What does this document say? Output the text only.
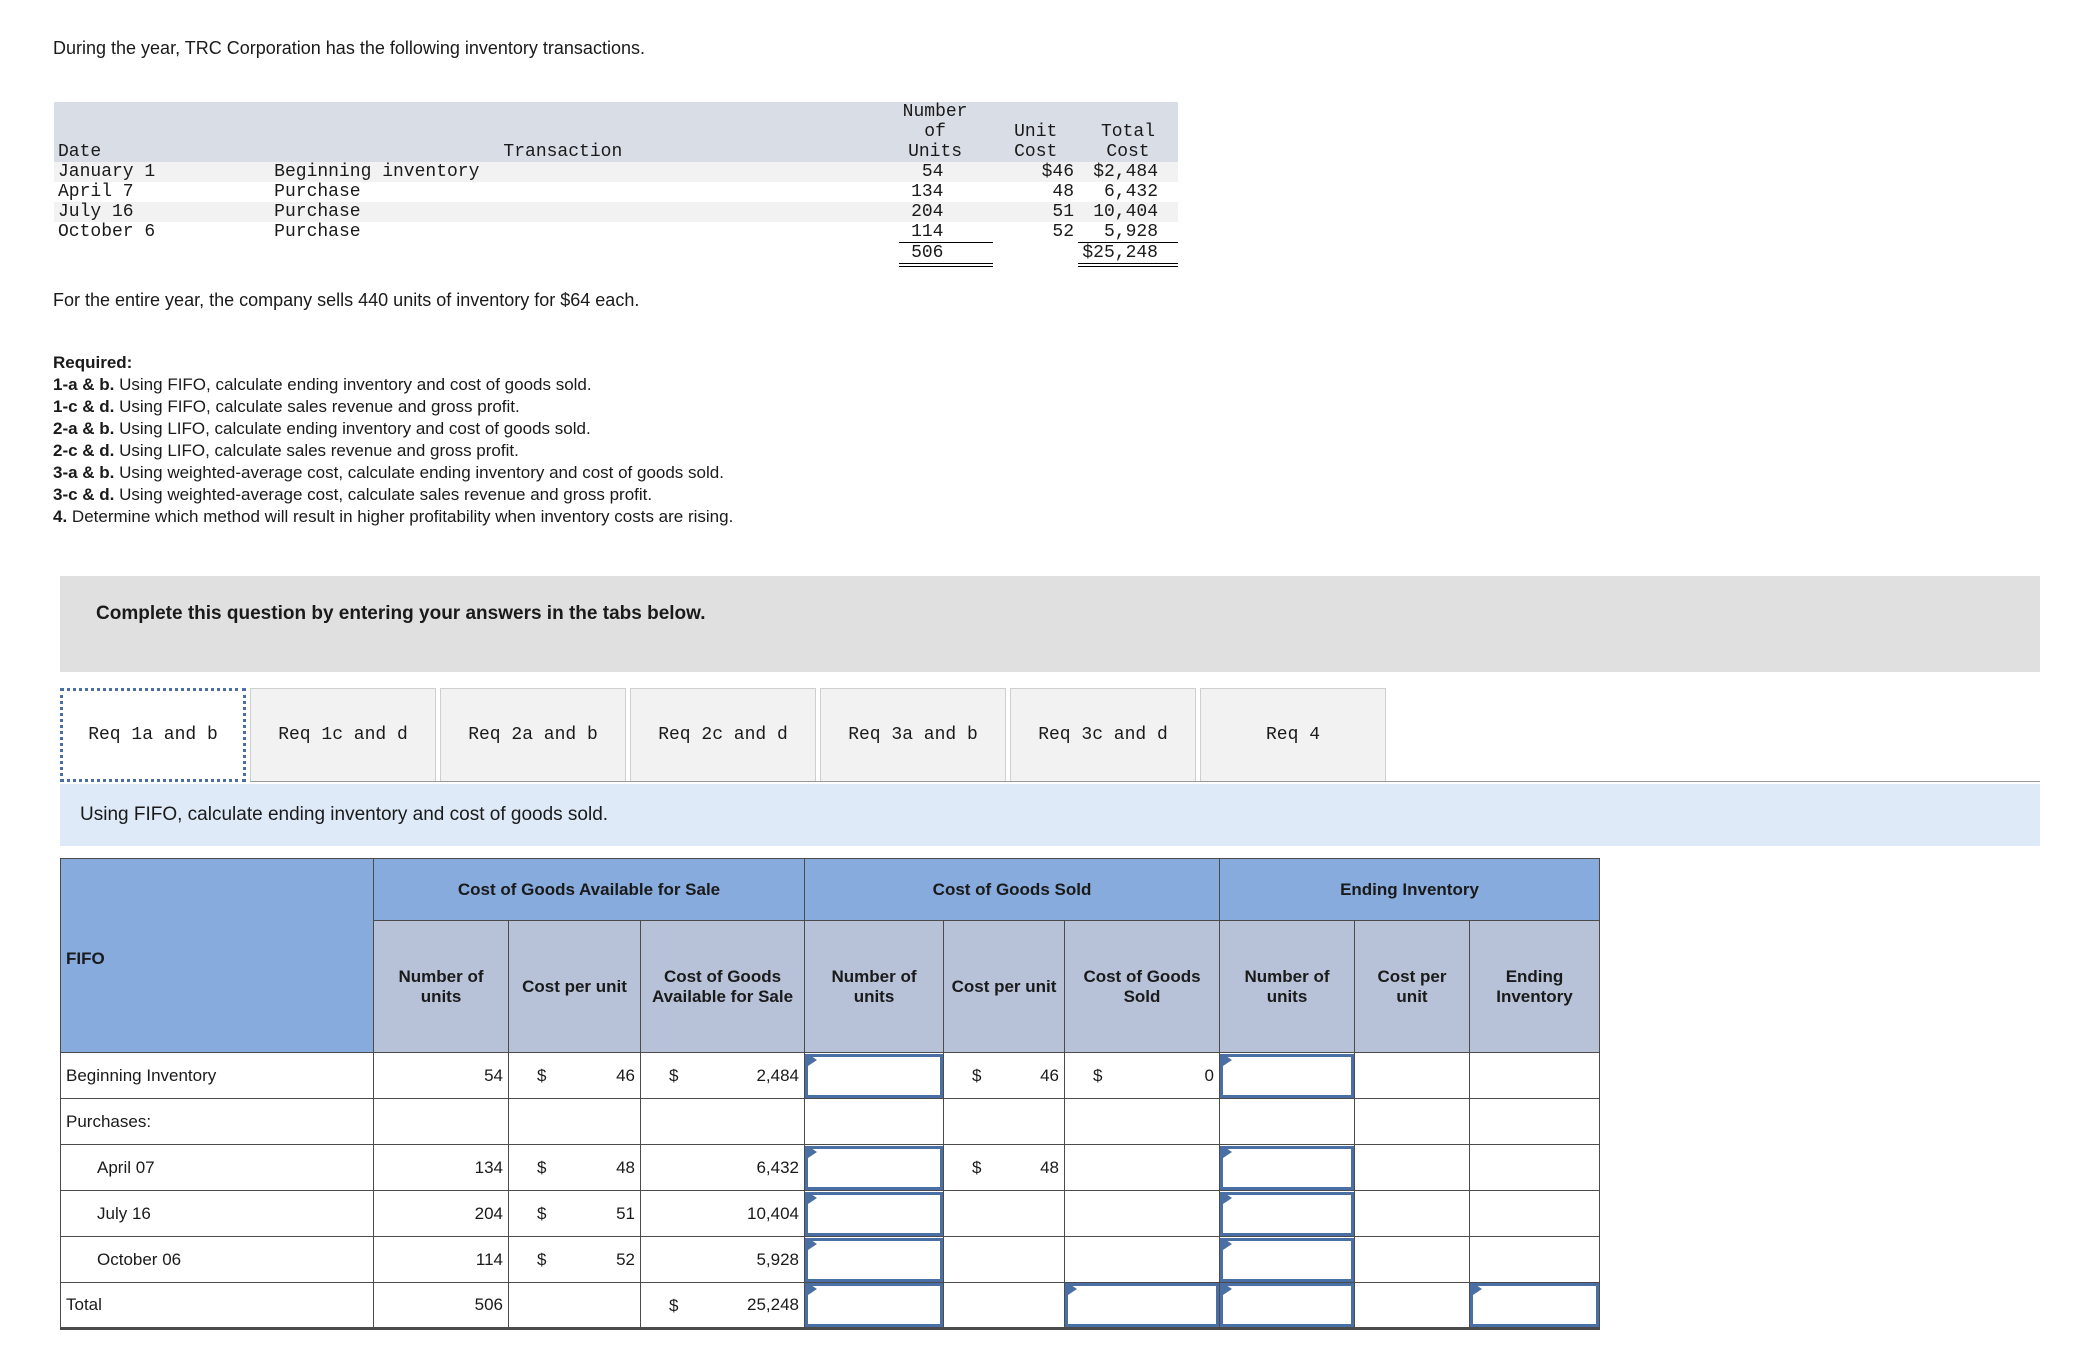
During the year, TRC Corporation has the following inventory transactions.
Date	Transaction		Number of Units	Unit Cost	Total Cost
January 1	Beginning inventory		54	$46	$2,484
April 7	Purchase		134	48	6,432
July 16	Purchase		204	51	10,404
October 6	Purchase		114	52	5,928
			506		$25,248
For the entire year, the company sells 440 units of inventory for $64 each.
Required:
1-a & b. Using FIFO, calculate ending inventory and cost of goods sold.
1-c & d. Using FIFO, calculate sales revenue and gross profit.
2-a & b. Using LIFO, calculate ending inventory and cost of goods sold.
2-c & d. Using LIFO, calculate sales revenue and gross profit.
3-a & b. Using weighted-average cost, calculate ending inventory and cost of goods sold.
3-c & d. Using weighted-average cost, calculate sales revenue and gross profit.
4. Determine which method will result in higher profitability when inventory costs are rising.
Complete this question by entering your answers in the tabs below.
Req 1a and b	Req 1c and d	Req 2a and b	Req 2c and d	Req 3a and b	Req 3c and d	Req 4
Using FIFO, calculate ending inventory and cost of goods sold.
FIFO	Cost of Goods Available for Sale			Cost of Goods Sold			Ending Inventory		
	Number of units	Cost per unit	Cost of Goods Available for Sale	Number of units	Cost per unit	Cost of Goods Sold	Number of units	Cost per unit	Ending Inventory
Beginning Inventory	54	$ 46	$ 2,484		$ 46	$ 0			

Purchases:									
April 07	134	$ 48	6,432		$ 48				

July 16	204	$ 51	10,404	

October 06	114	$ 52	5,928	

Total	506		$ 25,248						
